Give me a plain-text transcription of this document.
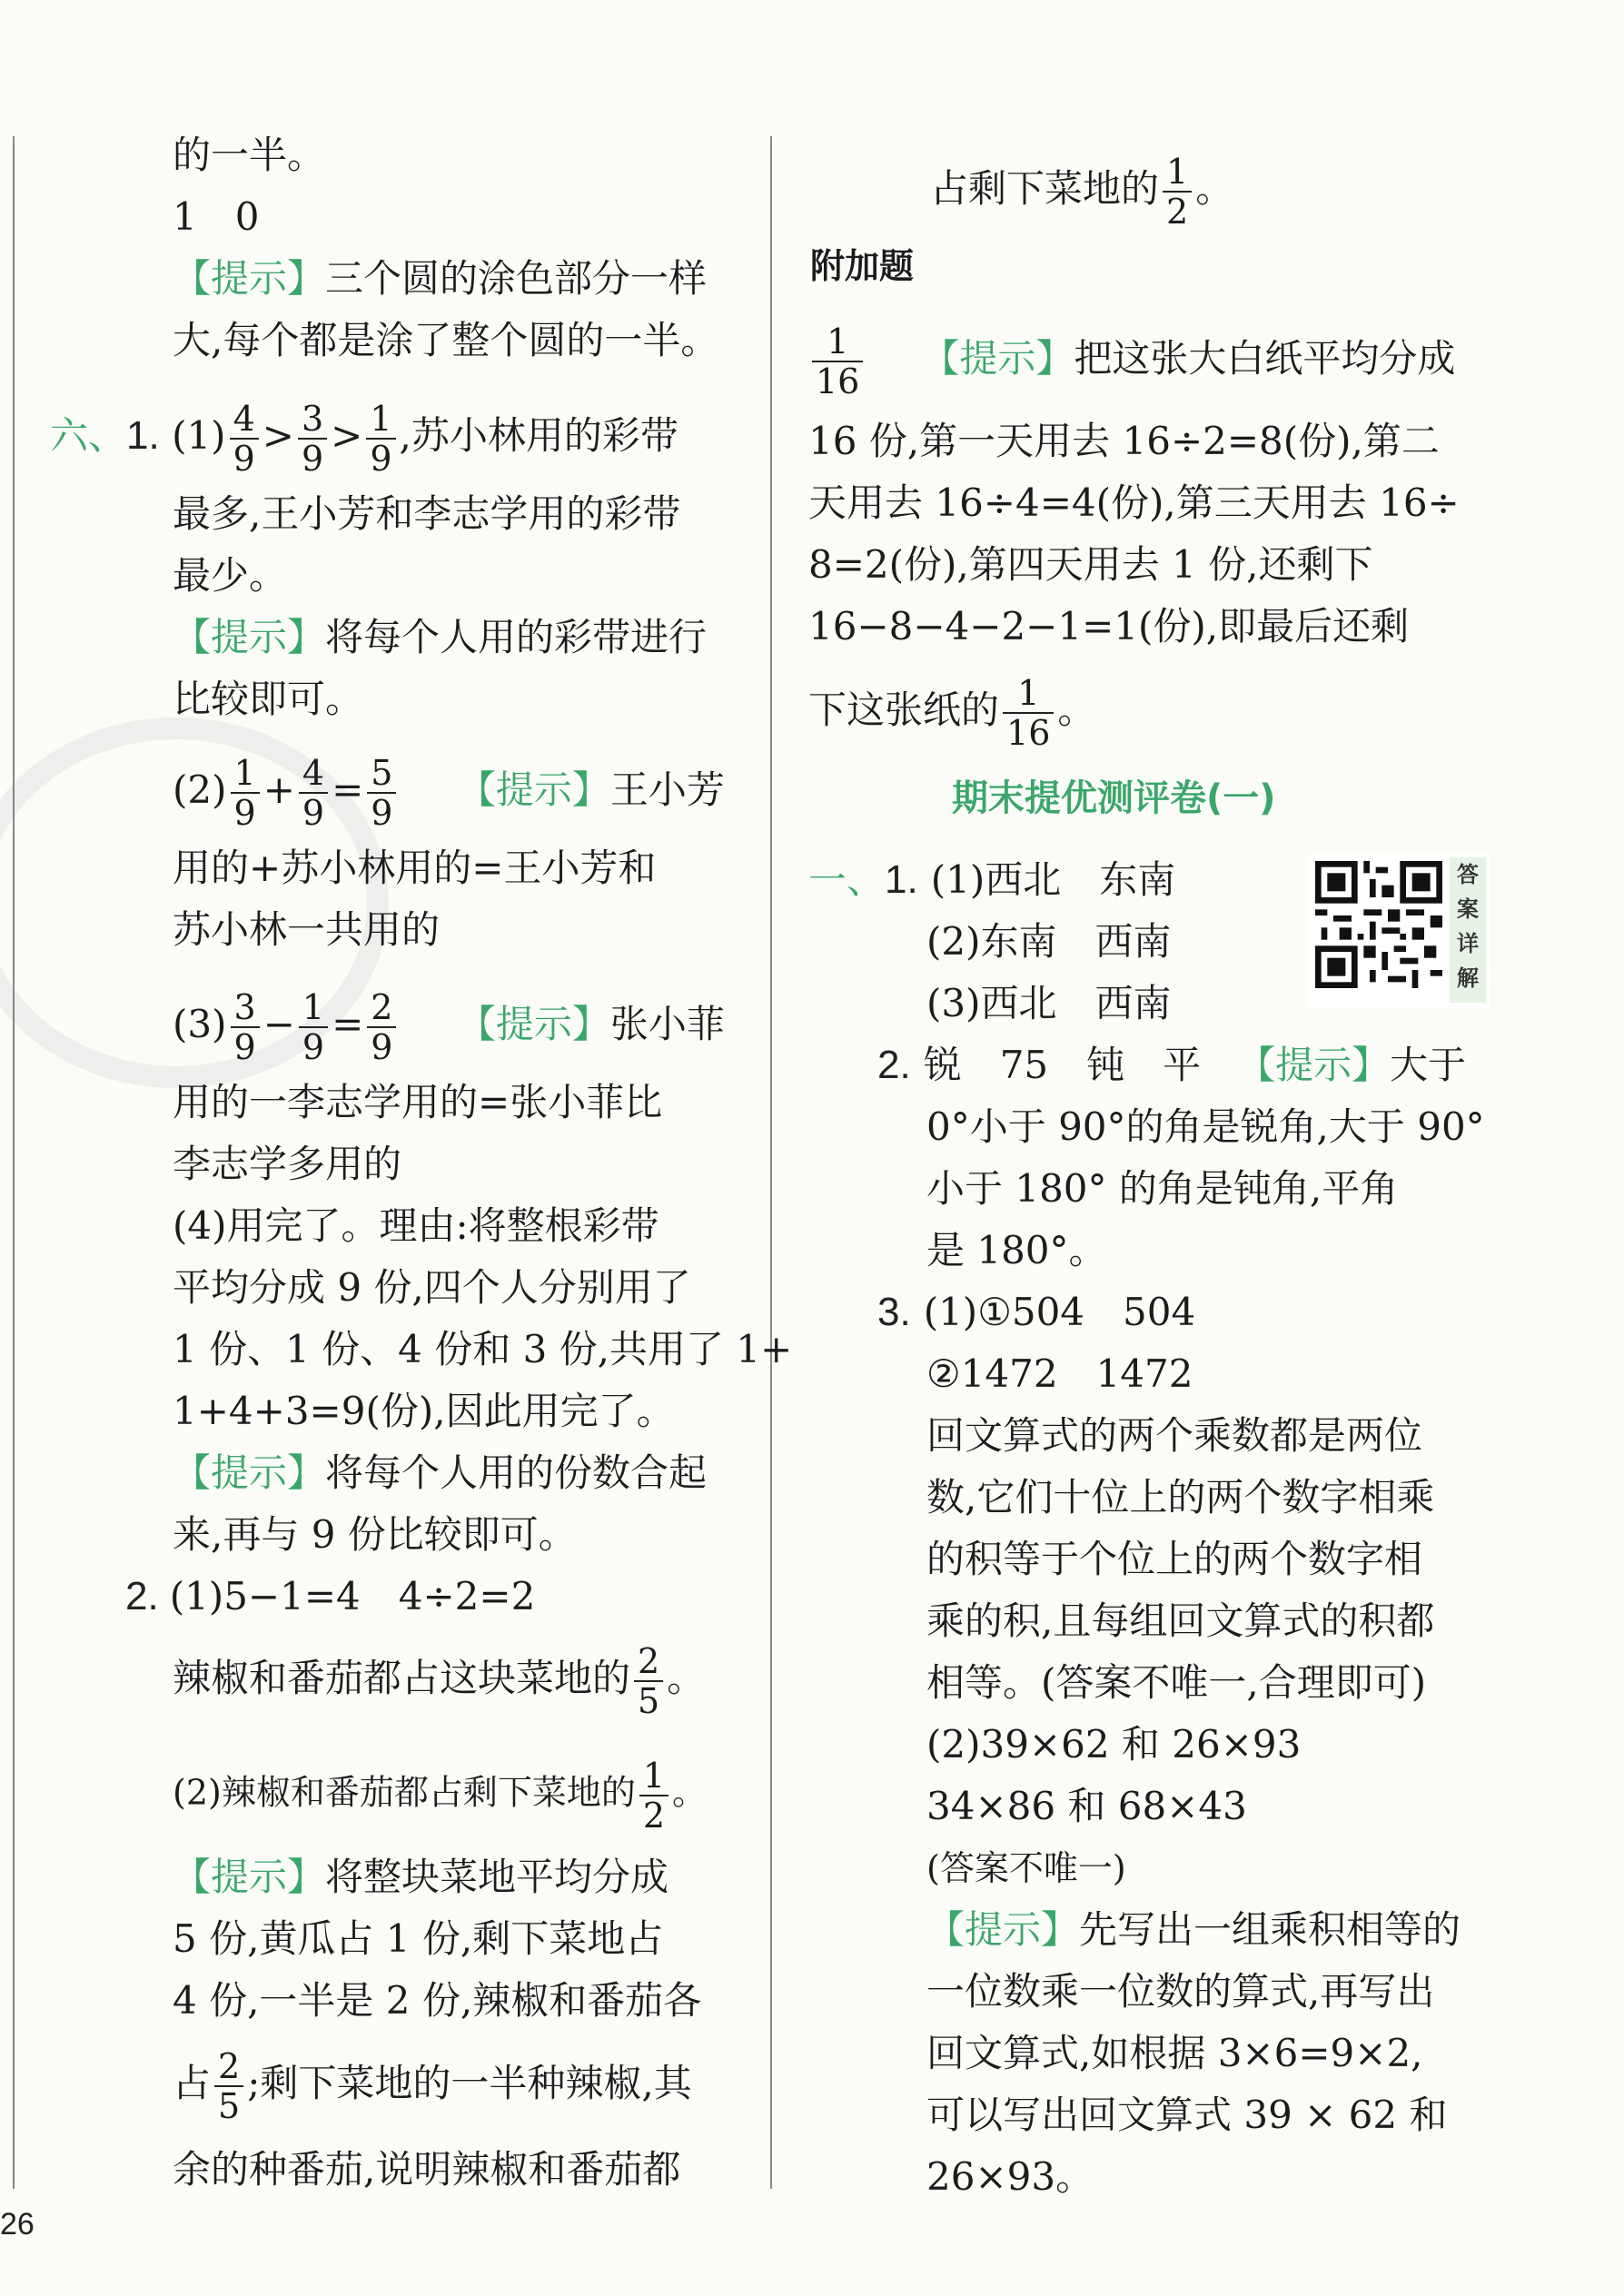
的一半。
1　0
【提示】三个圆的涂色部分一样
大,每个都是涂了整个圆的一半。
六、1. $(1) \frac{4}{9} > \frac{3}{9} > \frac{1}{9}$ ,苏小林用的彩带
最多,王小芳和李志学用的彩带
最少。
【提示】将每个人用的彩带进行
比较即可。
$(2) \frac{1}{9} + \frac{4}{9} = \frac{5}{9}$ 【提示】王小芳
用的+苏小林用的=王小芳和
苏小林一共用的
$(3) \frac{3}{9} - \frac{1}{9} = \frac{2}{9}$ 【提示】张小菲
用的一李志学用的=张小菲比
李志学多用的
(4)用完了。理由:将整根彩带
平均分成 9 份,四个人分别用了
1 份、1 份、4 份和 3 份,共用了 1+
1+4+3=9(份),因此用完了。
【提示】将每个人用的份数合起
来,再与 9 份比较即可。
2. (1)5−1=4　4÷2=2
辣椒和番茄都占这块菜地的 $\frac{2}{5}$ 。
(2)辣椒和番茄都占剩下菜地的 $\frac{1}{2}$ 。
【提示】将整块菜地平均分成
5 份,黄瓜占 1 份,剩下菜地占
4 份,一半是 2 份,辣椒和番茄各
占 $\frac{2}{5}$ ;剩下菜地的一半种辣椒,其
余的种番茄,说明辣椒和番茄都
占剩下菜地的 $\frac{1}{2}$ 。
附加题
$\frac{1}{16}$ 【提示】把这张大白纸平均分成
16 份,第一天用去 16÷2=8(份),第二
天用去 16÷4=4(份),第三天用去 16÷
8=2(份),第四天用去 1 份,还剩下
16−8−4−2−1=1(份),即最后还剩
下这张纸的 $\frac{1}{16}$ 。
期末提优测评卷(一)
一、1. (1)西北　东南
(2)东南　西南
(3)西北　西南
答
案
详
解
2. 锐　75　钝　平 【提示】大于
0°小于 90°的角是锐角,大于 90°
小于 180° 的角是钝角,平角
是 180°。
3. (1)①504　504
②1472　1472
回文算式的两个乘数都是两位
数,它们十位上的两个数字相乘
的积等于个位上的两个数字相
乘的积,且每组回文算式的积都
相等。(答案不唯一,合理即可)
(2)39×62 和 26×93
34×86 和 68×43
(答案不唯一)
【提示】先写出一组乘积相等的
一位数乘一位数的算式,再写出
回文算式,如根据 3×6=9×2,
可以写出回文算式 39 × 62 和
26×93。
26
